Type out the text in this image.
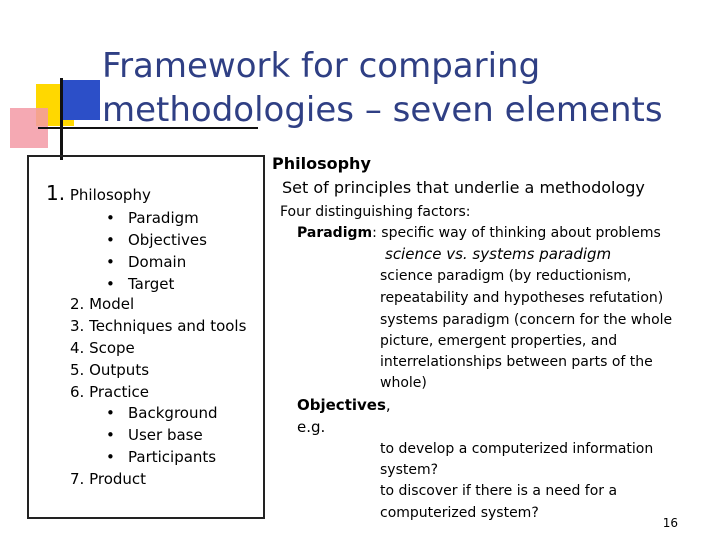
Framework for comparing
methodologies – seven elements
1. Philosophy
• Paradigm
• Objectives
• Domain
• Target
2. Model
3. Techniques and tools
4. Scope
5. Outputs
6. Practice
• Background
• User base
• Participants
7. Product
Philosophy
Set of principles that underlie a methodology
Four distinguishing factors:
Paradigm: specific way of thinking about problems
science vs. systems paradigm
science paradigm (by reductionism,
repeatability and hypotheses refutation)
systems paradigm (concern for the whole
picture, emergent properties, and
interrelationships between parts of the
whole)
Objectives,
e.g.
to develop a computerized information
system?
to discover if there is a need for a
computerized system?
16
